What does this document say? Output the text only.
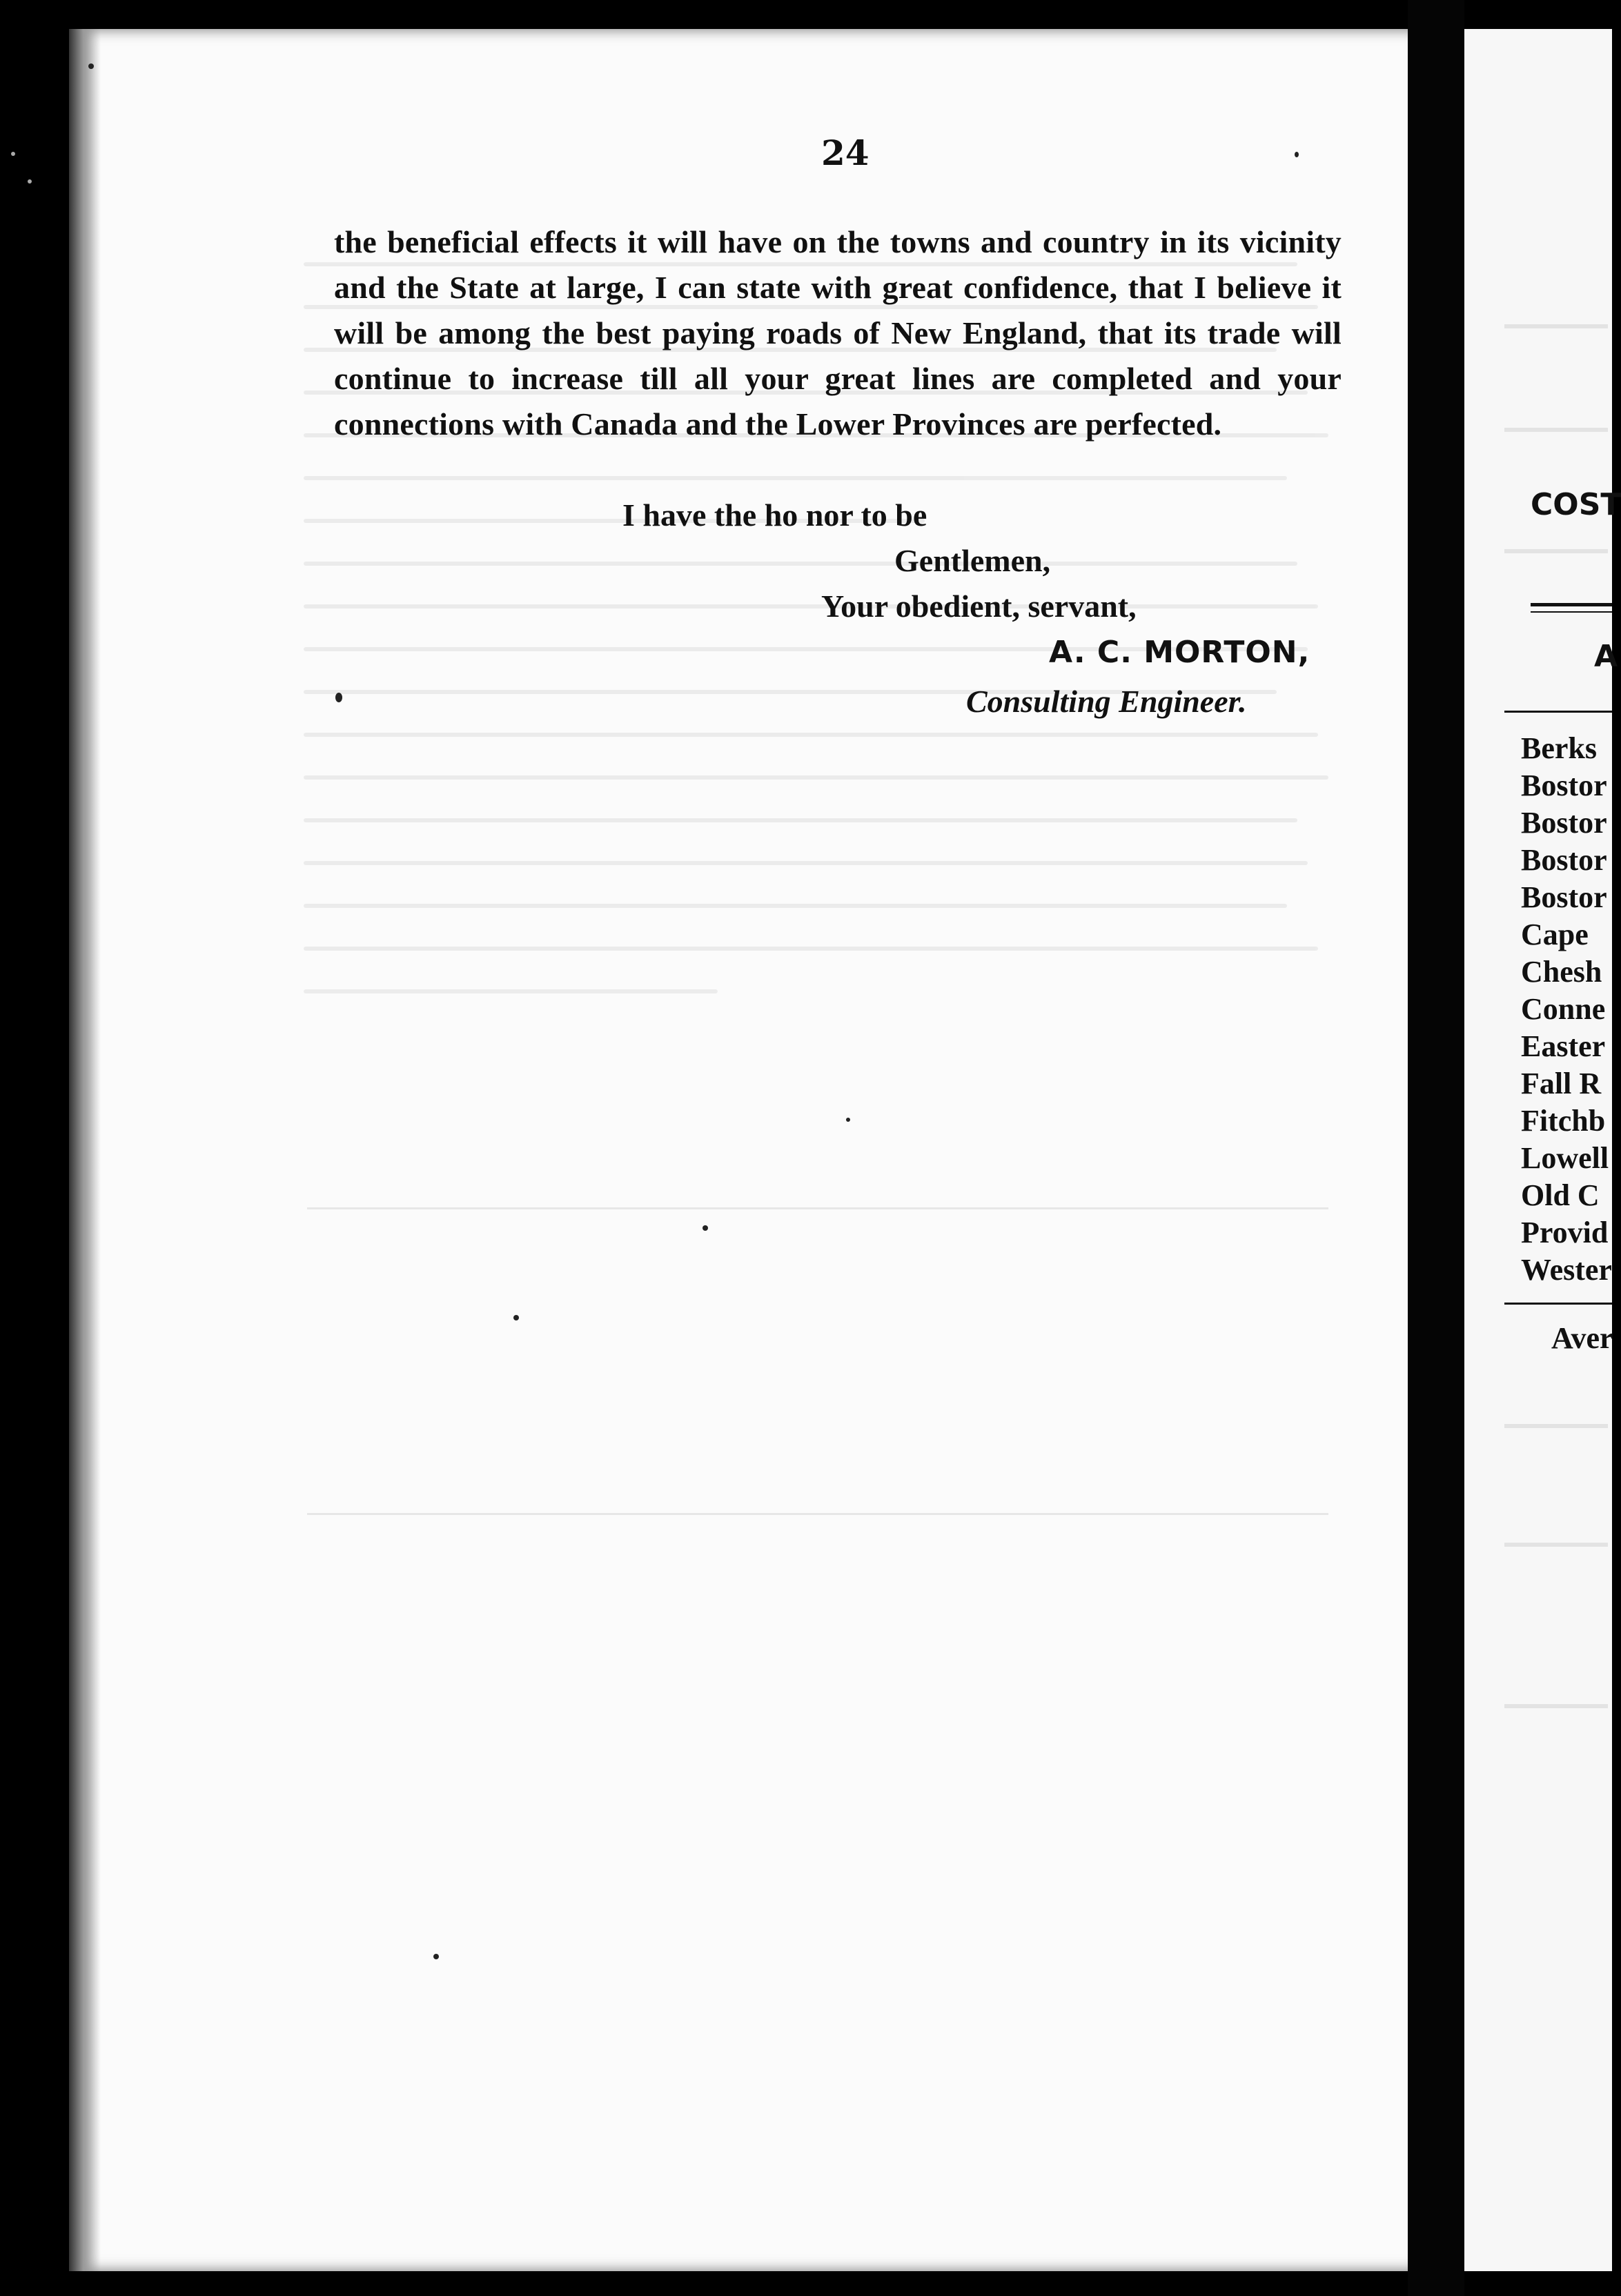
24
the beneficial effects it will have on the towns and country in its vicinity and the State at large, I can state with great confidence, that I believe it will be among the best paying roads of New England, that its trade will continue to increase till all your great lines are completed and your connections with Canada and the Lower Provinces are perfected.
I have the ho nor to be
Gentlemen,
Your obedient, servant,
A. C. MORTON,
Consulting Engineer.
COST
A
Berks
Bostor
Bostor
Bostor
Bostor
Cape
Chesh
Conne
Easter
Fall R
Fitchb
Lowell
Old C
Provid
Wester
Aver
